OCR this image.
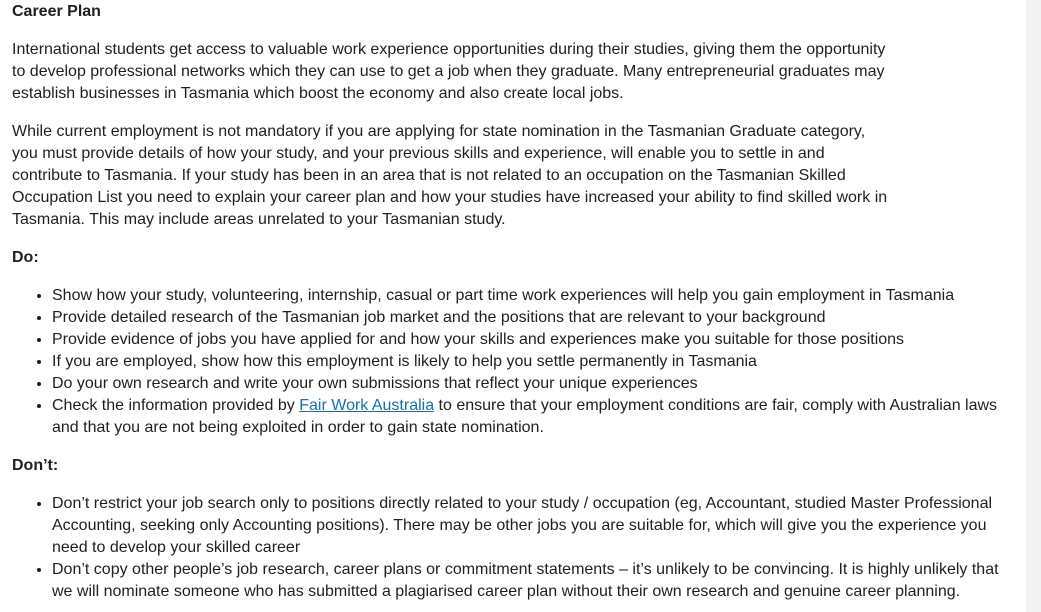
Career Plan

International students get access to valuable work experience opportunities during their studies, giving them the opportunity to develop professional networks which they can use to get a job when they graduate. Many entrepreneurial graduates may establish businesses in Tasmania which boost the economy and also create local jobs.

While current employment is not mandatory if you are applying for state nomination in the Tasmanian Graduate category, you must provide details of how your study, and your previous skills and experience, will enable you to settle in and contribute to Tasmania. If your study has been in an area that is not related to an occupation on the Tasmanian Skilled Occupation List you need to explain your career plan and how your studies have increased your ability to find skilled work in Tasmania. This may include areas unrelated to your Tasmanian study.

Do:
• Show how your study, volunteering, internship, casual or part time work experiences will help you gain employment in Tasmania
• Provide detailed research of the Tasmanian job market and the positions that are relevant to your background
• Provide evidence of jobs you have applied for and how your skills and experiences make you suitable for those positions
• If you are employed, show how this employment is likely to help you settle permanently in Tasmania
• Do your own research and write your own submissions that reflect your unique experiences
• Check the information provided by Fair Work Australia to ensure that your employment conditions are fair, comply with Australian laws and that you are not being exploited in order to gain state nomination.
Don’t:
• Don’t restrict your job search only to positions directly related to your study / occupation (eg, Accountant, studied Master Professional Accounting, seeking only Accounting positions). There may be other jobs you are suitable for, which will give you the experience you need to develop your skilled career
• Don’t copy other people’s job research, career plans or commitment statements – it’s unlikely to be convincing. It is highly unlikely that we will nominate someone who has submitted a plagiarised career plan without their own research and genuine career planning.
